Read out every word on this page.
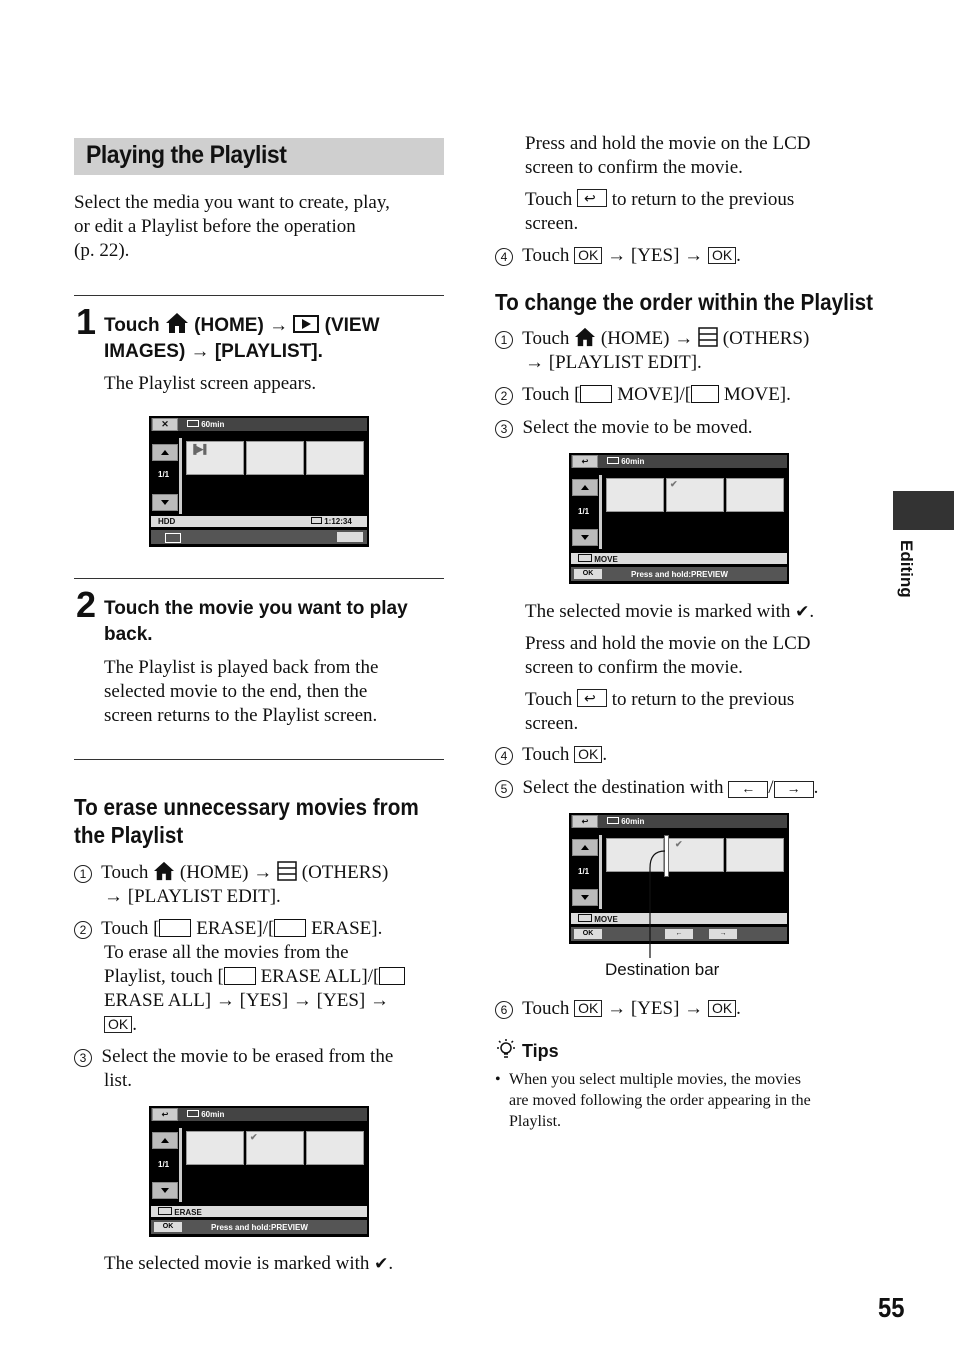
Playing the Playlist
Select the media you want to create, play,
or edit a Playlist before the operation
(p. 22).
1 Touch (HOME) → (VIEW
IMAGES) → [PLAYLIST].
The Playlist screen appears.
✕	60min
1/1
▐▶▌
HDD	1:12:34
2 Touch the movie you want to play
back.
The Playlist is played back from the
selected movie to the end, then the
screen returns to the Playlist screen.
To erase unnecessary movies from
the Playlist
1 Touch (HOME) → (OTHERS)
→ [PLAYLIST EDIT].
2 Touch [ ERASE]/[ ERASE].
To erase all the movies from the
Playlist, touch [ ERASE ALL]/[
ERASE ALL] → [YES] → [YES] →
OK .
3 Select the movie to be erased from the
list.
↩	60min
1/1
✔
ERASE
OK	Press and hold:PREVIEW
The selected movie is marked with ✔.
Press and hold the movie on the LCD
screen to confirm the movie.
Touch ↩ to return to the previous
screen.
4 Touch OK → [YES] → OK .
To change the order within the Playlist
1 Touch (HOME) → (OTHERS)
→ [PLAYLIST EDIT].
2 Touch [ MOVE]/[ MOVE].
3 Select the movie to be moved.
↩	60min
1/1
✔
MOVE
OK	Press and hold:PREVIEW
The selected movie is marked with ✔.
Press and hold the movie on the LCD
screen to confirm the movie.
Touch ↩ to return to the previous
screen.
4 Touch OK .
5 Select the destination with ← / → .
↩	60min
1/1
✔
MOVE
OK	←	→
Destination bar
6 Touch OK → [YES] → OK .
Tips
• When you select multiple movies, the movies
are moved following the order appearing in the
Playlist.
Editing
55
